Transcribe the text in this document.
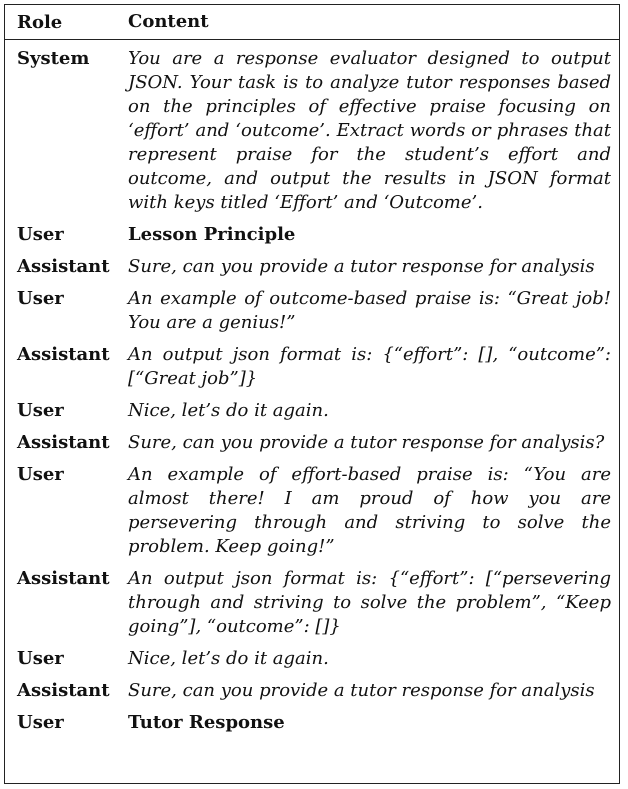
Role	Content
System	You are a response evaluator designed to output JSON. Your task is to analyze tutor responses based on the principles of effective praise focusing on ‘effort’ and ‘outcome’. Extract words or phrases that represent praise for the student’s effort and outcome, and output the results in JSON format with keys titled ‘Effort’ and ‘Outcome’.
User	Lesson Principle
Assistant	Sure, can you provide a tutor response for analysis
User	An example of outcome-based praise is: “Great job! You are a genius!”
Assistant	An output json format is: {“effort”: [], “outcome”: [“Great job”]}
User	Nice, let’s do it again.
Assistant	Sure, can you provide a tutor response for analysis?
User	An example of effort-based praise is: “You are almost there! I am proud of how you are persevering through and striving to solve the problem. Keep going!”
Assistant	An output json format is: {“effort”: [“persevering through and striving to solve the problem”, “Keep going”], “outcome”: []}
User	Nice, let’s do it again.
Assistant	Sure, can you provide a tutor response for analysis
User	Tutor Response
